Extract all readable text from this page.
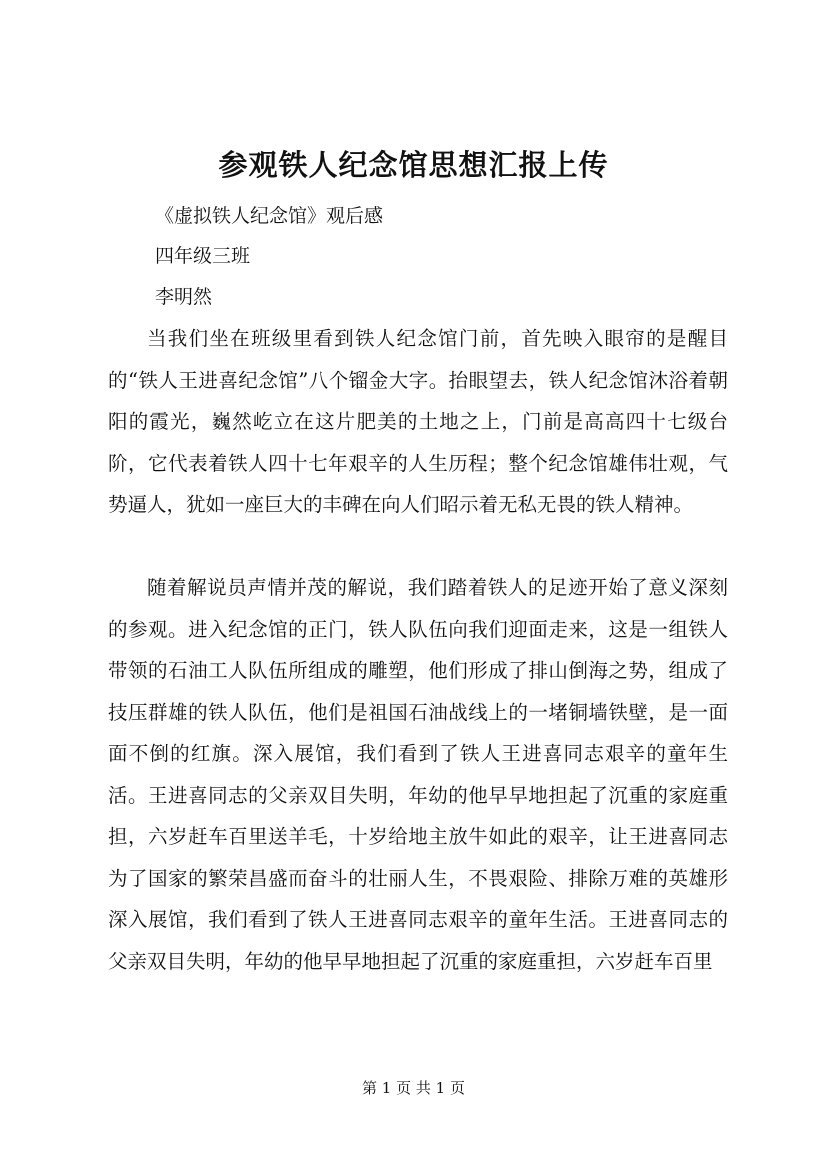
参观铁人纪念馆思想汇报上传
《虚拟铁人纪念馆》观后感
四年级三班
李明然

当我们坐在班级里看到铁人纪念馆门前，首先映入眼帘的是醒目的“铁人王进喜纪念馆”八个镏金大字。抬眼望去，铁人纪念馆沐浴着朝阳的霞光，巍然屹立在这片肥美的土地之上，门前是高高四十七级台阶，它代表着铁人四十七年艰辛的人生历程；整个纪念馆雄伟壮观，气势逼人，犹如一座巨大的丰碑在向人们昭示着无私无畏的铁人精神。

随着解说员声情并茂的解说，我们踏着铁人的足迹开始了意义深刻的参观。进入纪念馆的正门，铁人队伍向我们迎面走来，这是一组铁人带领的石油工人队伍所组成的雕塑，他们形成了排山倒海之势，组成了技压群雄的铁人队伍，他们是祖国石油战线上的一堵铜墙铁壁，是一面面不倒的红旗。深入展馆，我们看到了铁人王进喜同志艰辛的童年生活。王进喜同志的父亲双目失明，年幼的他早早地担起了沉重的家庭重担，六岁赶车百里送羊毛，十岁给地主放牛如此的艰辛，让王进喜同志为了国家的繁荣昌盛而奋斗的壮丽人生，不畏艰险、排除万难的英雄形深入展馆，我们看到了铁人王进喜同志艰辛的童年生活。王进喜同志的父亲双目失明，年幼的他早早地担起了沉重的家庭重担，六岁赶车百里

第 1 页 共 1 页
